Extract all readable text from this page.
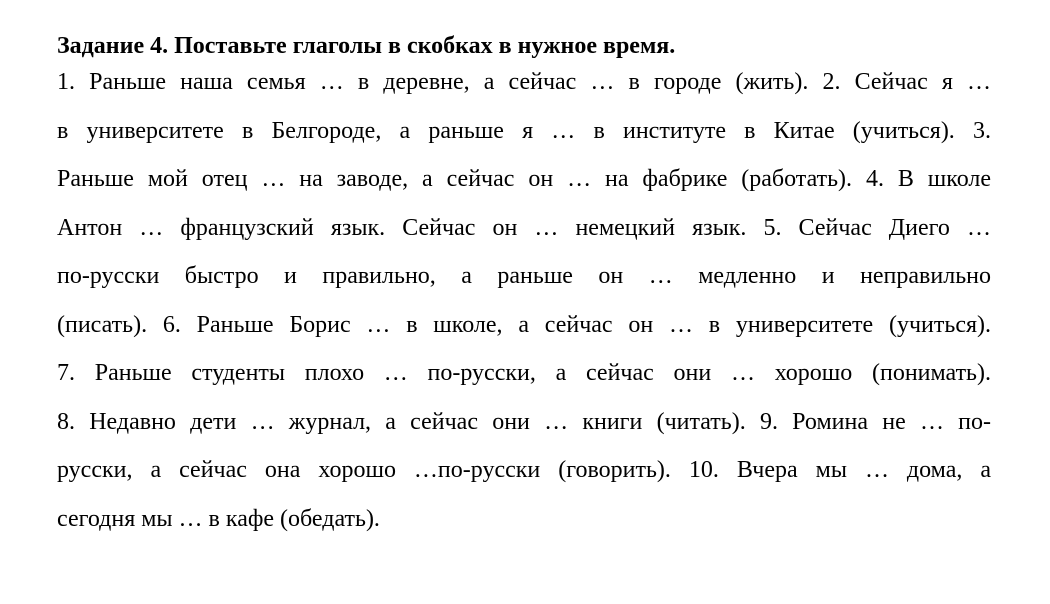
Задание 4. Поставьте глаголы в скобках в нужное время.
1. Раньше наша семья … в деревне, а сейчас … в городе (жить). 2. Сейчас я …
в университете в Белгороде, а раньше я … в институте в Китае (учиться). 3.
Раньше мой отец … на заводе, а сейчас он … на фабрике (работать). 4. В школе
Антон … французский язык. Сейчас он … немецкий язык. 5. Сейчас Диего …
по-русски быстро и правильно, а раньше он … медленно и неправильно
(писать). 6. Раньше Борис … в школе, а сейчас он … в университете (учиться).
7. Раньше студенты плохо … по-русски, а сейчас они … хорошо (понимать).
8. Недавно дети … журнал, а сейчас они … книги (читать). 9. Ромина не … по-
русски, а сейчас она хорошо …по-русски (говорить). 10. Вчера мы … дома, а
сегодня мы … в кафе (обедать).
